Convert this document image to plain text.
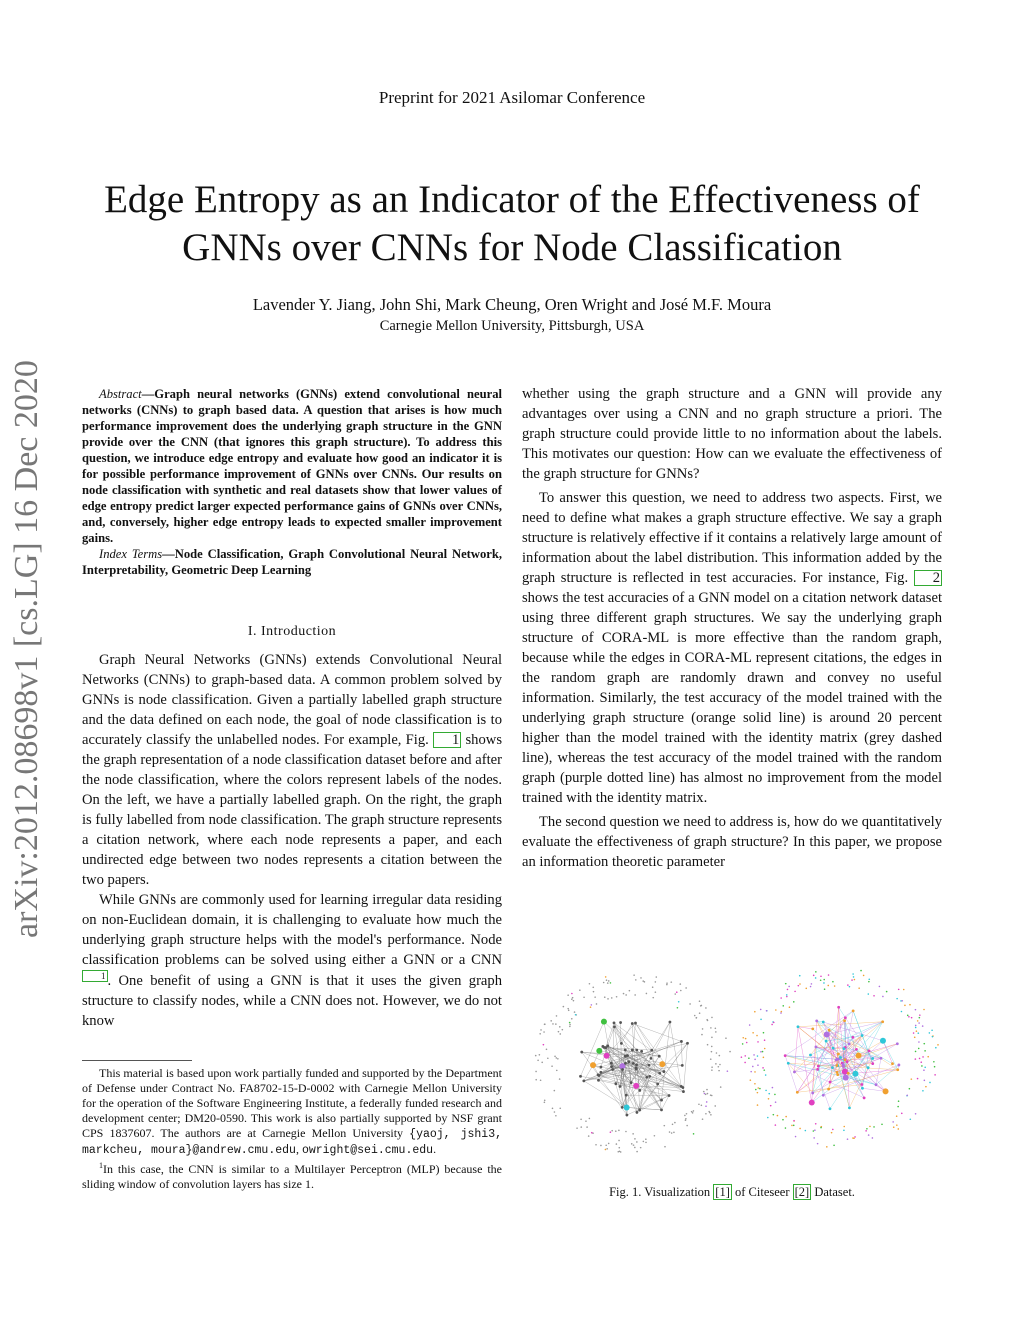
Preprint for 2021 Asilomar Conference
Edge Entropy as an Indicator of the Effectiveness of
GNNs over CNNs for Node Classification
Lavender Y. Jiang, John Shi, Mark Cheung, Oren Wright and José M.F. Moura
Carnegie Mellon University, Pittsburgh, USA
arXiv:2012.08698v1 [cs.LG] 16 Dec 2020	Abstract—Graph neural networks (GNNs) extend convolutional neural networks (CNNs) to graph based data. A question that arises is how much performance improvement does the underlying graph structure in the GNN provide over the CNN (that ignores this graph structure). To address this question, we introduce edge entropy and evaluate how good an indicator it is for possible performance improvement of GNNs over CNNs. Our results on node classification with synthetic and real datasets show that lower values of edge entropy predict larger expected performance gains of GNNs over CNNs, and, conversely, higher edge entropy leads to expected smaller improvement gains.

Index Terms—Node Classification, Graph Convolutional Neural Network, Interpretability, Geometric Deep Learning

I. Introduction

Graph Neural Networks (GNNs) extends Convolutional Neural Networks (CNNs) to graph-based data. A common problem solved by GNNs is node classification. Given a partially labelled graph structure and the data defined on each node, the goal of node classification is to accurately classify the unlabelled nodes. For example, Fig. 1 shows the graph representation of a node classification dataset before and after the node classification, where the colors represent labels of the nodes. On the left, we have a partially labelled graph. On the right, the graph is fully labelled from node classification. The graph structure represents a citation network, where each node represents a paper, and each undirected edge between two nodes represents a citation between the two papers.

While GNNs are commonly used for learning irregular data residing on non-Euclidean domain, it is challenging to evaluate how much the underlying graph structure helps with the model's performance. Node classification problems can be solved using either a GNN or a CNN$^1$ . One benefit of using a GNN is that it uses the given graph structure to classify nodes, while a CNN does not. However, we do not know

This material is based upon work partially funded and supported by the Department of Defense under Contract No. FA8702-15-D-0002 with Carnegie Mellon University for the operation of the Software Engineering Institute, a federally funded research and development center; DM20-0590. This work is also partially supported by NSF grant CPS 1837607. The authors are at Carnegie Mellon University {yaoj, jshi3, markcheu, moura}@andrew.cmu.edu, owright@sei.cmu.edu.

$^1$In this case, the CNN is similar to a Multilayer Perceptron (MLP) because the sliding window of convolution layers has size 1.

whether using the graph structure and a GNN will provide any advantages over using a CNN and no graph structure a priori. The graph structure could provide little to no information about the labels. This motivates our question: How can we evaluate the effectiveness of the graph structure for GNNs?

To answer this question, we need to address two aspects. First, we need to define what makes a graph structure effective. We say a graph structure is relatively effective if it contains a relatively large amount of information about the label distribution. This information added by the graph structure is reflected in test accuracies. For instance, Fig. 2 shows the test accuracies of a GNN model on a citation network dataset using three different graph structures. We say the underlying graph structure of CORA-ML is more effective than the random graph, because while the edges in CORA-ML represent citations, the edges in the random graph are randomly drawn and convey no useful information. Similarly, the test accuracy of the model trained with the underlying graph structure (orange solid line) is around 20 percent higher than the model trained with the identity matrix (grey dashed line), whereas the test accuracy of the model trained with the random graph (purple dotted line) has almost no improvement from the model trained with the identity matrix.

The second question we need to address is, how do we quantitatively evaluate the effectiveness of graph structure? In this paper, we propose an information theoretic parameter

Fig. 1. Visualization [1] of Citeseer [2] Dataset.
